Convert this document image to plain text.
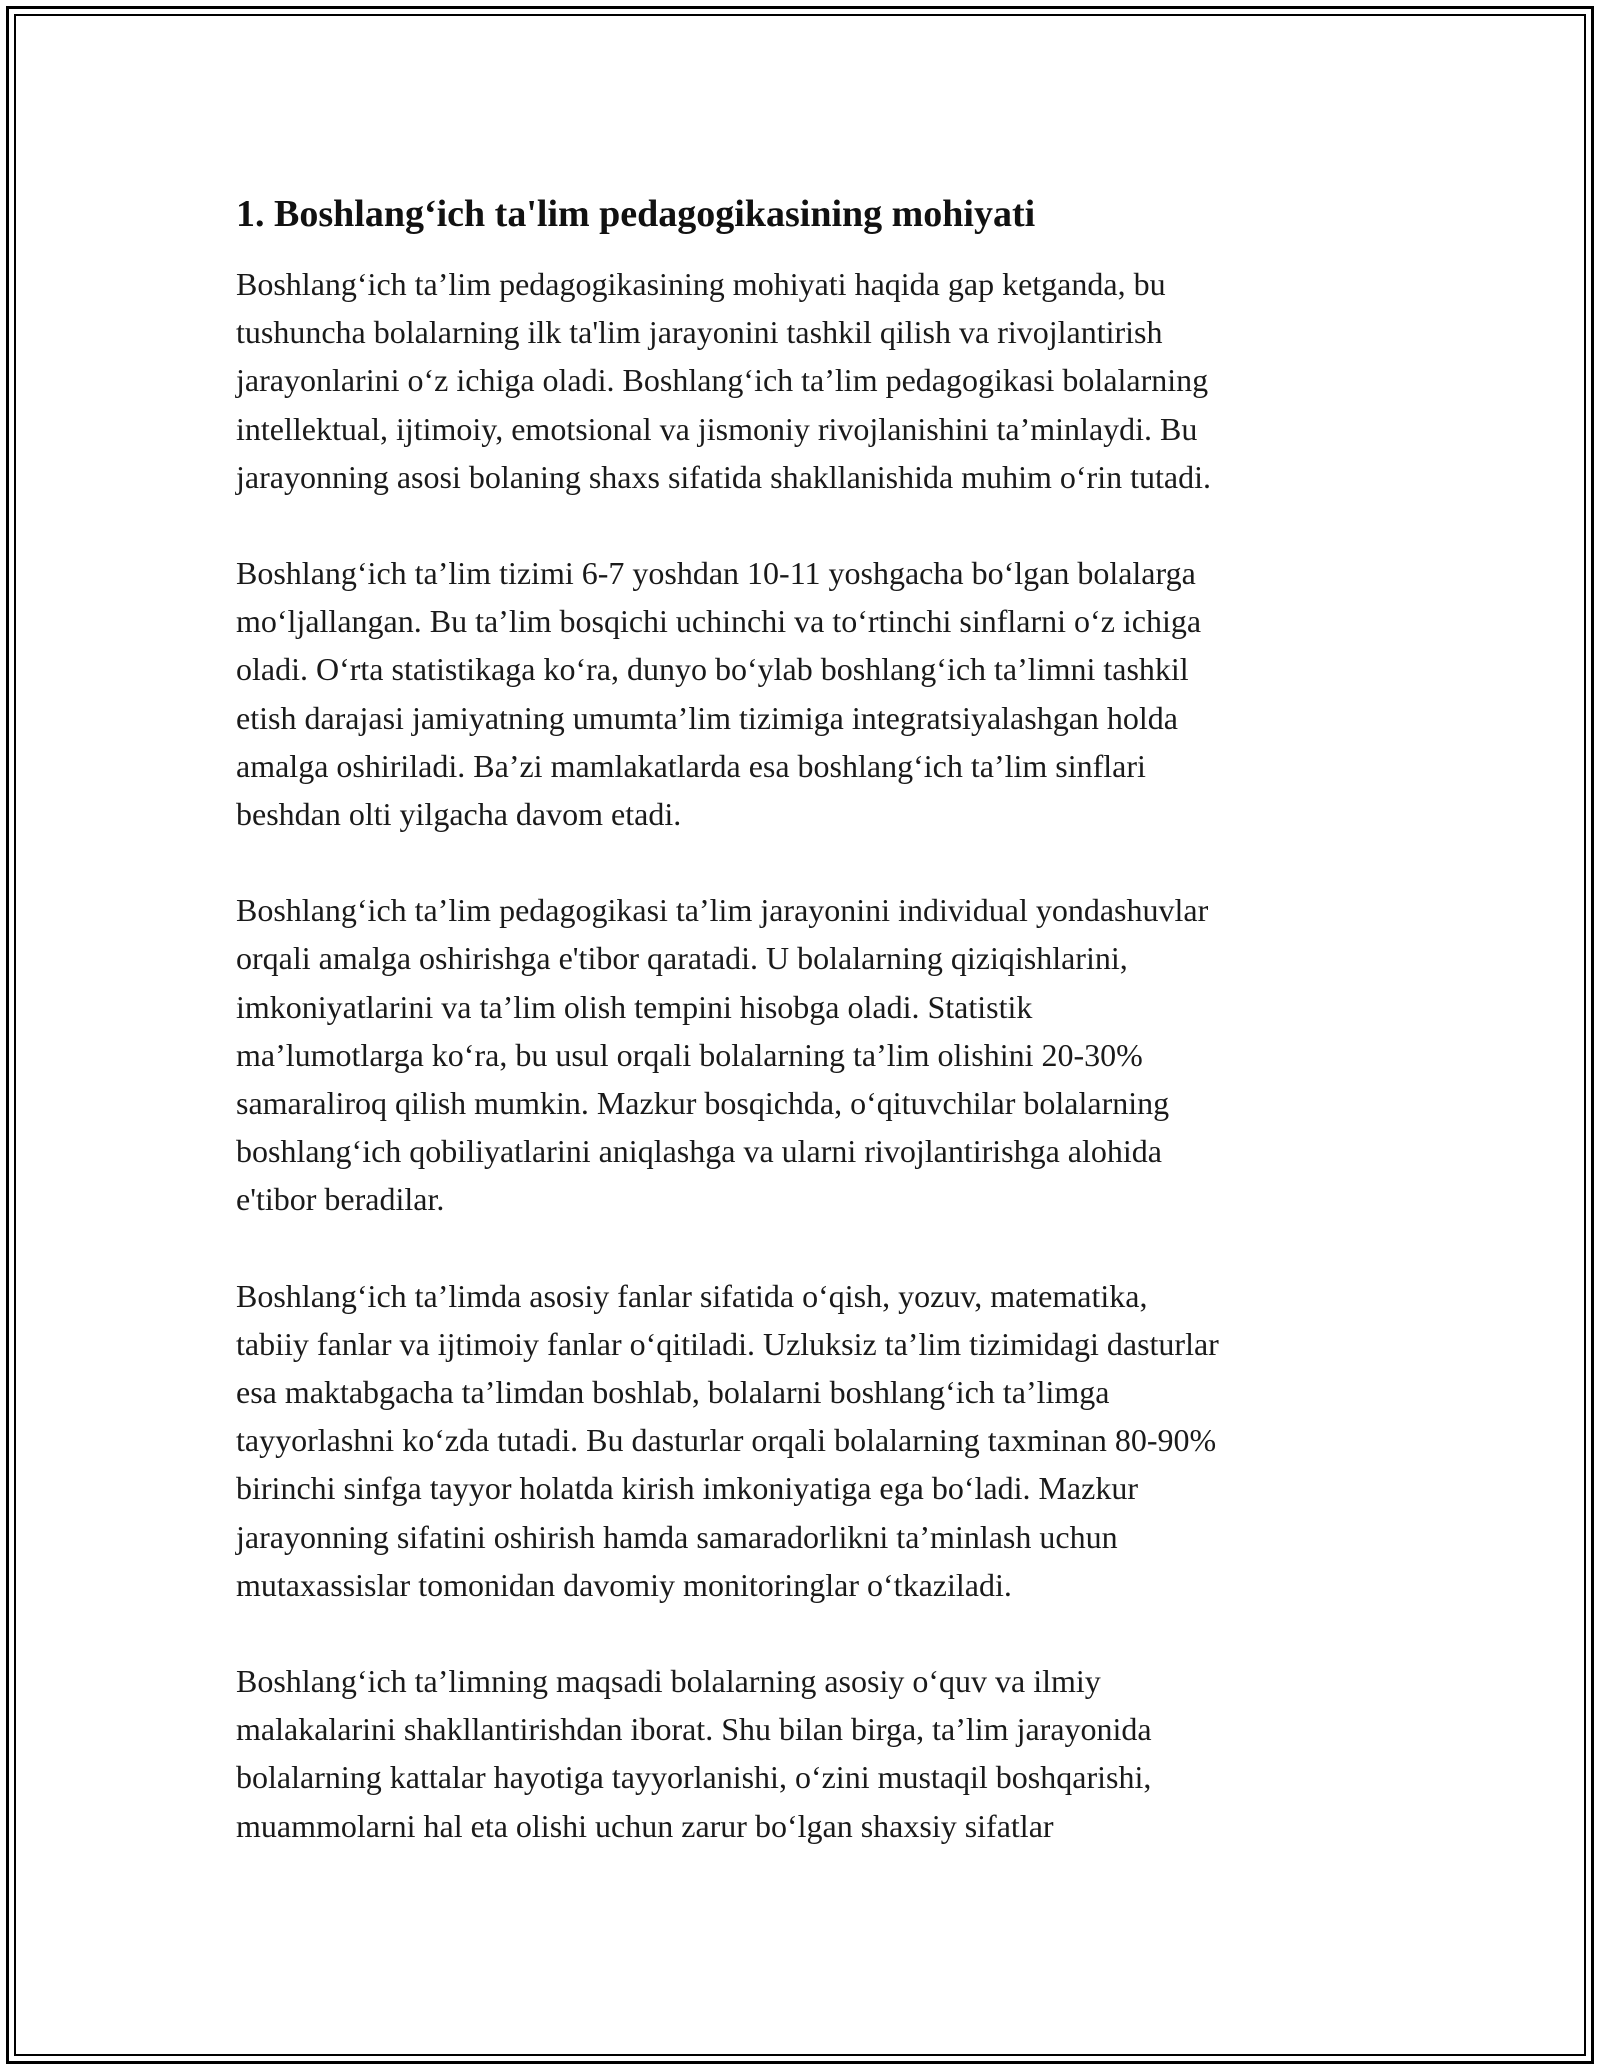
1. Boshlang‘ich ta'lim pedagogikasining mohiyati

Boshlang‘ich ta’lim pedagogikasining mohiyati haqida gap ketganda, bu
tushuncha bolalarning ilk ta'lim jarayonini tashkil qilish va rivojlantirish
jarayonlarini o‘z ichiga oladi. Boshlang‘ich ta’lim pedagogikasi bolalarning
intellektual, ijtimoiy, emotsional va jismoniy rivojlanishini ta’minlaydi. Bu
jarayonning asosi bolaning shaxs sifatida shakllanishida muhim o‘rin tutadi.

Boshlang‘ich ta’lim tizimi 6-7 yoshdan 10-11 yoshgacha bo‘lgan bolalarga
mo‘ljallangan. Bu ta’lim bosqichi uchinchi va to‘rtinchi sinflarni o‘z ichiga
oladi. O‘rta statistikaga ko‘ra, dunyo bo‘ylab boshlang‘ich ta’limni tashkil
etish darajasi jamiyatning umumta’lim tizimiga integratsiyalashgan holda
amalga oshiriladi. Ba’zi mamlakatlarda esa boshlang‘ich ta’lim sinflari
beshdan olti yilgacha davom etadi.

Boshlang‘ich ta’lim pedagogikasi ta’lim jarayonini individual yondashuvlar
orqali amalga oshirishga e'tibor qaratadi. U bolalarning qiziqishlarini,
imkoniyatlarini va ta’lim olish tempini hisobga oladi. Statistik
ma’lumotlarga ko‘ra, bu usul orqali bolalarning ta’lim olishini 20-30%
samaraliroq qilish mumkin. Mazkur bosqichda, o‘qituvchilar bolalarning
boshlang‘ich qobiliyatlarini aniqlashga va ularni rivojlantirishga alohida
e'tibor beradilar.

Boshlang‘ich ta’limda asosiy fanlar sifatida o‘qish, yozuv, matematika,
tabiiy fanlar va ijtimoiy fanlar o‘qitiladi. Uzluksiz ta’lim tizimidagi dasturlar
esa maktabgacha ta’limdan boshlab, bolalarni boshlang‘ich ta’limga
tayyorlashni ko‘zda tutadi. Bu dasturlar orqali bolalarning taxminan 80-90%
birinchi sinfga tayyor holatda kirish imkoniyatiga ega bo‘ladi. Mazkur
jarayonning sifatini oshirish hamda samaradorlikni ta’minlash uchun
mutaxassislar tomonidan davomiy monitoringlar o‘tkaziladi.

Boshlang‘ich ta’limning maqsadi bolalarning asosiy o‘quv va ilmiy
malakalarini shakllantirishdan iborat. Shu bilan birga, ta’lim jarayonida
bolalarning kattalar hayotiga tayyorlanishi, o‘zini mustaqil boshqarishi,
muammolarni hal eta olishi uchun zarur bo‘lgan shaxsiy sifatlar
